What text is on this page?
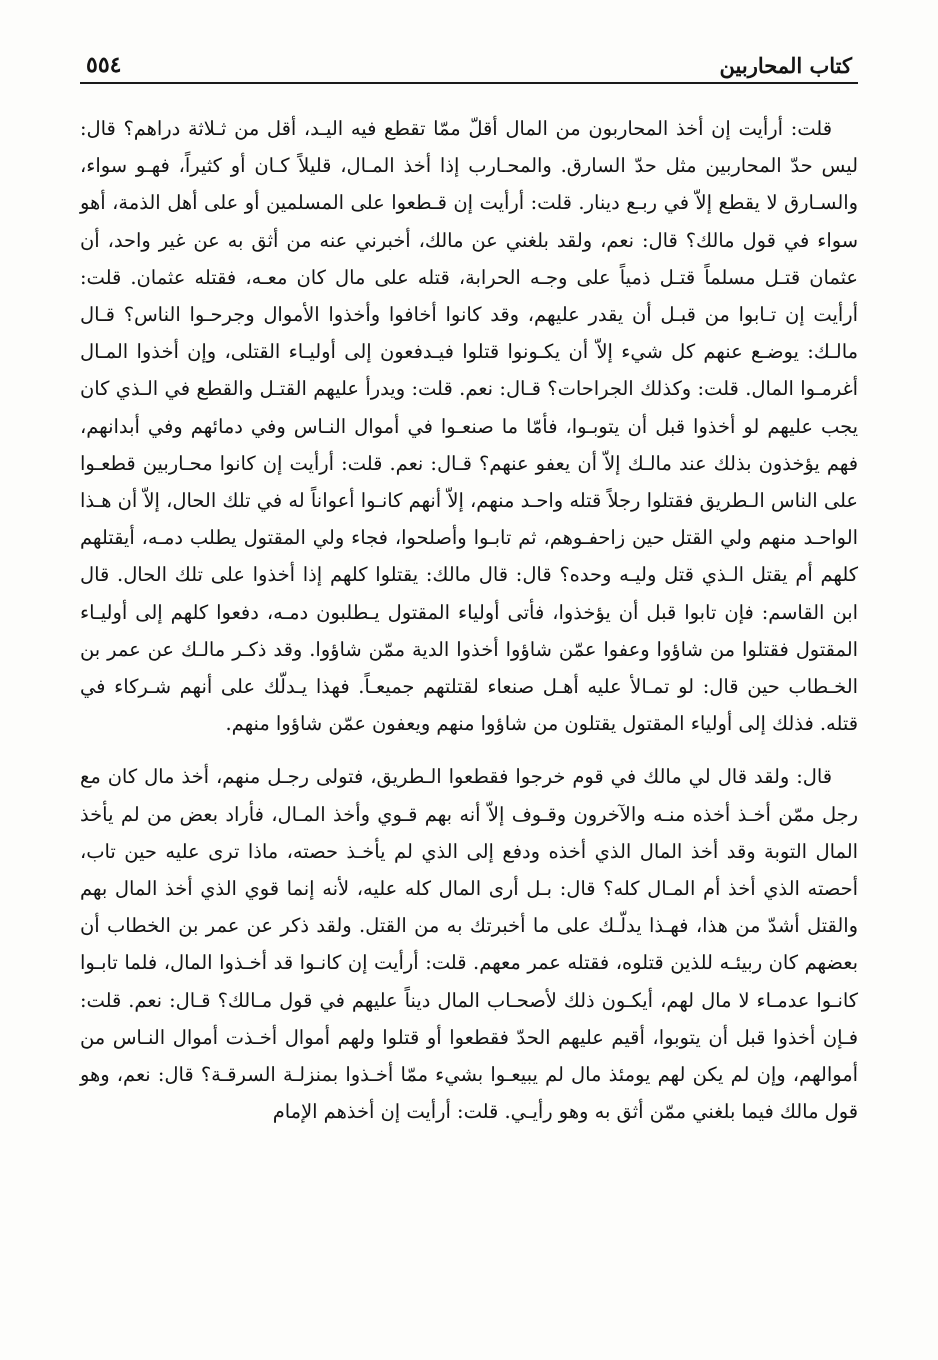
كتاب المحاربين
٥٥٤

قلت: أرأيت إن أخذ المحاربون من المال أقلّ ممّا تقطع فيه اليـد، أقل من ثـلاثة دراهم؟ قال: ليس حدّ المحاربين مثل حدّ السارق. والمحـارب إذا أخذ المـال، قليلاً كـان أو كثيراً، فهـو سواء، والسـارق لا يقطع إلاّ في ربـع دينار. قلت: أرأيت إن قـطعوا على المسلمين أو على أهل الذمة، أهو سواء في قول مالك؟ قال: نعم، ولقد بلغني عن مالك، أخبرني عنه من أثق به عن غير واحد، أن عثمان قتـل مسلماً قتـل ذمياً على وجـه الحرابة، قتله على مال كان معـه، فقتله عثمان. قلت: أرأيت إن تـابوا من قبـل أن يقدر عليهم، وقد كانوا أخافوا وأخذوا الأموال وجرحـوا الناس؟ قـال مالـك: يوضـع عنهم كل شيء إلاّ أن يكـونوا قتلوا فيـدفعون إلى أوليـاء القتلى، وإن أخذوا المـال أغرمـوا المال. قلت: وكذلك الجراحات؟ قـال: نعم. قلت: ويدرأ عليهم القتـل والقطع في الـذي كان يجب عليهم لو أخذوا قبل أن يتوبـوا، فأمّا ما صنعـوا في أموال النـاس وفي دمائهم وفي أبدانهم، فهم يؤخذون بذلك عند مالـك إلاّ أن يعفو عنهم؟ قـال: نعم. قلت: أرأيت إن كانوا محـاربين قطعـوا على الناس الـطريق فقتلوا رجلاً قتله واحـد منهم، إلاّ أنهم كانـوا أعواناً له في تلك الحال، إلاّ أن هـذا الواحـد منهم ولي القتل حين زاحفـوهم، ثم تابـوا وأصلحوا، فجاء ولي المقتول يطلب دمـه، أيقتلهم كلهم أم يقتل الـذي قتل وليـه وحده؟ قال: قال مالك: يقتلوا كلهم إذا أخذوا على تلك الحال. قال ابن القاسم: فإن تابوا قبل أن يؤخذوا، فأتى أولياء المقتول يـطلبون دمـه، دفعوا كلهم إلى أوليـاء المقتول فقتلوا من شاؤوا وعفوا عمّن شاؤوا أخذوا الدية ممّن شاؤوا. وقد ذكـر مالـك عن عمر بن الخـطاب حين قال: لو تمـالأ عليه أهـل صنعاء لقتلتهم جميعـاً. فهذا يـدلّك على أنهم شـركاء في قتله. فذلك إلى أولياء المقتول يقتلون من شاؤوا منهم ويعفون عمّن شاؤوا منهم.

قال: ولقد قال لي مالك في قوم خرجوا فقطعوا الـطريق، فتولى رجـل منهم، أخذ مال كان مع رجل ممّن أخـذ أخذه منـه والآخرون وقـوف إلاّ أنه بهم قـوي وأخذ المـال، فأراد بعض من لم يأخذ المال التوبة وقد أخذ المال الذي أخذه ودفع إلى الذي لم يأخـذ حصته، ماذا ترى عليه حين تاب، أحصته الذي أخذ أم المـال كله؟ قال: بـل أرى المال كله عليه، لأنه إنما قوي الذي أخذ المال بهم والقتل أشدّ من هذا، فهـذا يدلّـك على ما أخبرتك به من القتل. ولقد ذكر عن عمر بن الخطاب أن بعضهم كان ربيئـه للذين قتلوه، فقتله عمر معهم. قلت: أرأيت إن كانـوا قد أخـذوا المال، فلما تابـوا كانـوا عدمـاء لا مال لهم، أيكـون ذلك لأصحـاب المال ديناً عليهم في قول مـالك؟ قـال: نعم. قلت: فـإن أخذوا قبل أن يتوبوا، أقيم عليهم الحدّ فقطعوا أو قتلوا ولهم أموال أخـذت أموال النـاس من أموالهم، وإن لم يكن لهم يومئذ مال لم يبيعـوا بشيء ممّا أخـذوا بمنزلـة السرقـة؟ قال: نعم، وهو قول مالك فيما بلغني ممّن أثق به وهو رأيـي. قلت: أرأيت إن أخذهم الإمام
